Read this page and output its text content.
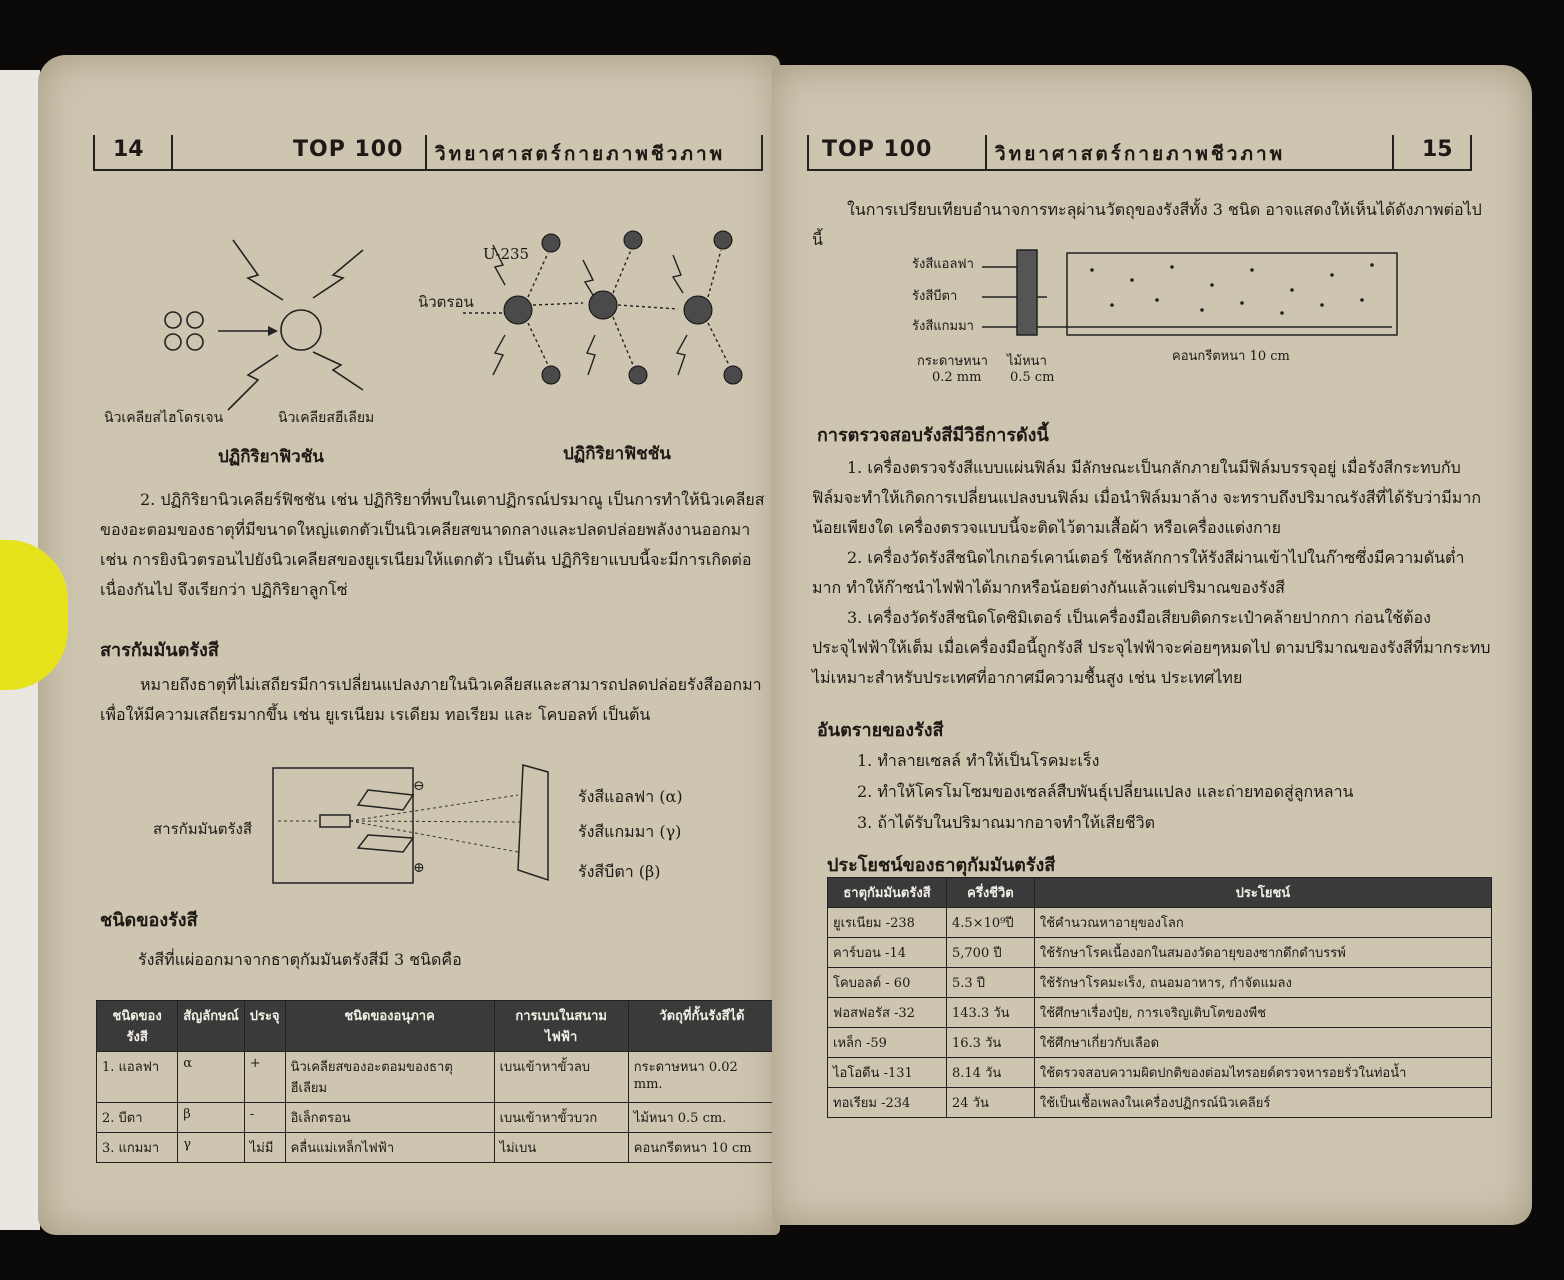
14	TOP 100 วิทยาศาสตร์กายภาพชีวภาพ
นิวเคลียสไฮโดรเจน	นิวเคลียสฮีเลียม
ปฏิกิริยาฟิวชัน
U-235
นิวตรอน
ปฏิกิริยาฟิชชัน
2. ปฏิกิริยานิวเคลียร์ฟิชชัน เช่น ปฏิกิริยาที่พบในเตาปฏิกรณ์ปรมาณู เป็นการทำให้นิวเคลียสของอะตอมของธาตุที่มีขนาดใหญ่แตกตัวเป็นนิวเคลียสขนาดกลางและปลดปล่อยพลังงานออกมา เช่น การยิงนิวตรอนไปยังนิวเคลียสของยูเรเนียมให้แตกตัว เป็นต้น ปฏิกิริยาแบบนี้จะมีการเกิดต่อเนื่องกันไป จึงเรียกว่า ปฏิกิริยาลูกโซ่
สารกัมมันตรังสี
หมายถึงธาตุที่ไม่เสถียรมีการเปลี่ยนแปลงภายในนิวเคลียสและสามารถปลดปล่อยรังสีออกมา เพื่อให้มีความเสถียรมากขึ้น เช่น ยูเรเนียม เรเดียม ทอเรียม และ โคบอลท์ เป็นต้น
⊖
⊕
สารกัมมันตรังสี
รังสีแอลฟา (α)
รังสีแกมมา (γ)
รังสีบีตา (β)
ชนิดของรังสี
รังสีที่แผ่ออกมาจากธาตุกัมมันตรังสีมี 3 ชนิดคือ
ชนิดของรังสี	สัญลักษณ์	ประจุ	ชนิดของอนุภาค	การเบนในสนามไฟฟ้า	วัตถุที่กั้นรังสีได้
1. แอลฟา	α	+	นิวเคลียสของอะตอมของธาตุฮีเลียม	เบนเข้าหาขั้วลบ	กระดาษหนา 0.02 mm.
2. บีตา	β	-	อิเล็กตรอน	เบนเข้าหาขั้วบวก	ไม้หนา 0.5 cm.
3. แกมมา	γ	ไม่มี	คลื่นแม่เหล็กไฟฟ้า	ไม่เบน	คอนกรีตหนา 10 cm
TOP 100	วิทยาศาสตร์กายภาพชีวภาพ	15
ในการเปรียบเทียบอำนาจการทะลุผ่านวัตถุของรังสีทั้ง 3 ชนิด อาจแสดงให้เห็นได้ดังภาพต่อไปนี้
รังสีแอลฟา
รังสีบีตา
รังสีแกมมา
กระดาษหนา
0.2 mm
ไม้หนา
0.5 cm
คอนกรีตหนา 10 cm
การตรวจสอบรังสีมีวิธีการดังนี้
1. เครื่องตรวจรังสีแบบแผ่นฟิล์ม มีลักษณะเป็นกลักภายในมีฟิล์มบรรจุอยู่ เมื่อรังสีกระทบกับฟิล์มจะทำให้เกิดการเปลี่ยนแปลงบนฟิล์ม เมื่อนำฟิล์มมาล้าง จะทราบถึงปริมาณรังสีที่ได้รับว่ามีมากน้อยเพียงใด เครื่องตรวจแบบนี้จะติดไว้ตามเสื้อผ้า หรือเครื่องแต่งกาย
2. เครื่องวัดรังสีชนิดไกเกอร์เคาน์เตอร์ ใช้หลักการให้รังสีผ่านเข้าไปในก๊าซซึ่งมีความดันต่ำมาก ทำให้ก๊าซนำไฟฟ้าได้มากหรือน้อยต่างกันแล้วแต่ปริมาณของรังสี
3. เครื่องวัดรังสีชนิดโดซิมิเตอร์ เป็นเครื่องมือเสียบติดกระเป๋าคล้ายปากกา ก่อนใช้ต้องประจุไฟฟ้าให้เต็ม เมื่อเครื่องมือนี้ถูกรังสี ประจุไฟฟ้าจะค่อยๆหมดไป ตามปริมาณของรังสีที่มากระทบ ไม่เหมาะสำหรับประเทศที่อากาศมีความชื้นสูง เช่น ประเทศไทย
อันตรายของรังสี
1. ทำลายเซลล์ ทำให้เป็นโรคมะเร็ง
2. ทำให้โครโมโซมของเซลล์สืบพันธุ์เปลี่ยนแปลง และถ่ายทอดสู่ลูกหลาน
3. ถ้าได้รับในปริมาณมากอาจทำให้เสียชีวิต
ประโยชน์ของธาตุกัมมันตรังสี
ธาตุกัมมันตรังสี	ครึ่งชีวิต	ประโยชน์
ยูเรเนียม -238	4.5×10⁹ปี	ใช้คำนวณหาอายุของโลก
คาร์บอน -14	5,700 ปี	ใช้รักษาโรคเนื้องอกในสมองวัดอายุของซากดึกดำบรรพ์
โคบอลต์ - 60	5.3 ปี	ใช้รักษาโรคมะเร็ง, ถนอมอาหาร, กำจัดแมลง
ฟอสฟอรัส -32	143.3 วัน	ใช้ศึกษาเรื่องปุ๋ย, การเจริญเติบโตของพืช
เหล็ก -59	16.3 วัน	ใช้ศึกษาเกี่ยวกับเลือด
ไอโอดีน -131	8.14 วัน	ใช้ตรวจสอบความผิดปกติของต่อมไทรอยด์ตรวจหารอยรั่วในท่อน้ำ
ทอเรียม -234	24 วัน	ใช้เป็นเชื้อเพลงในเครื่องปฏิกรณ์นิวเคลียร์
